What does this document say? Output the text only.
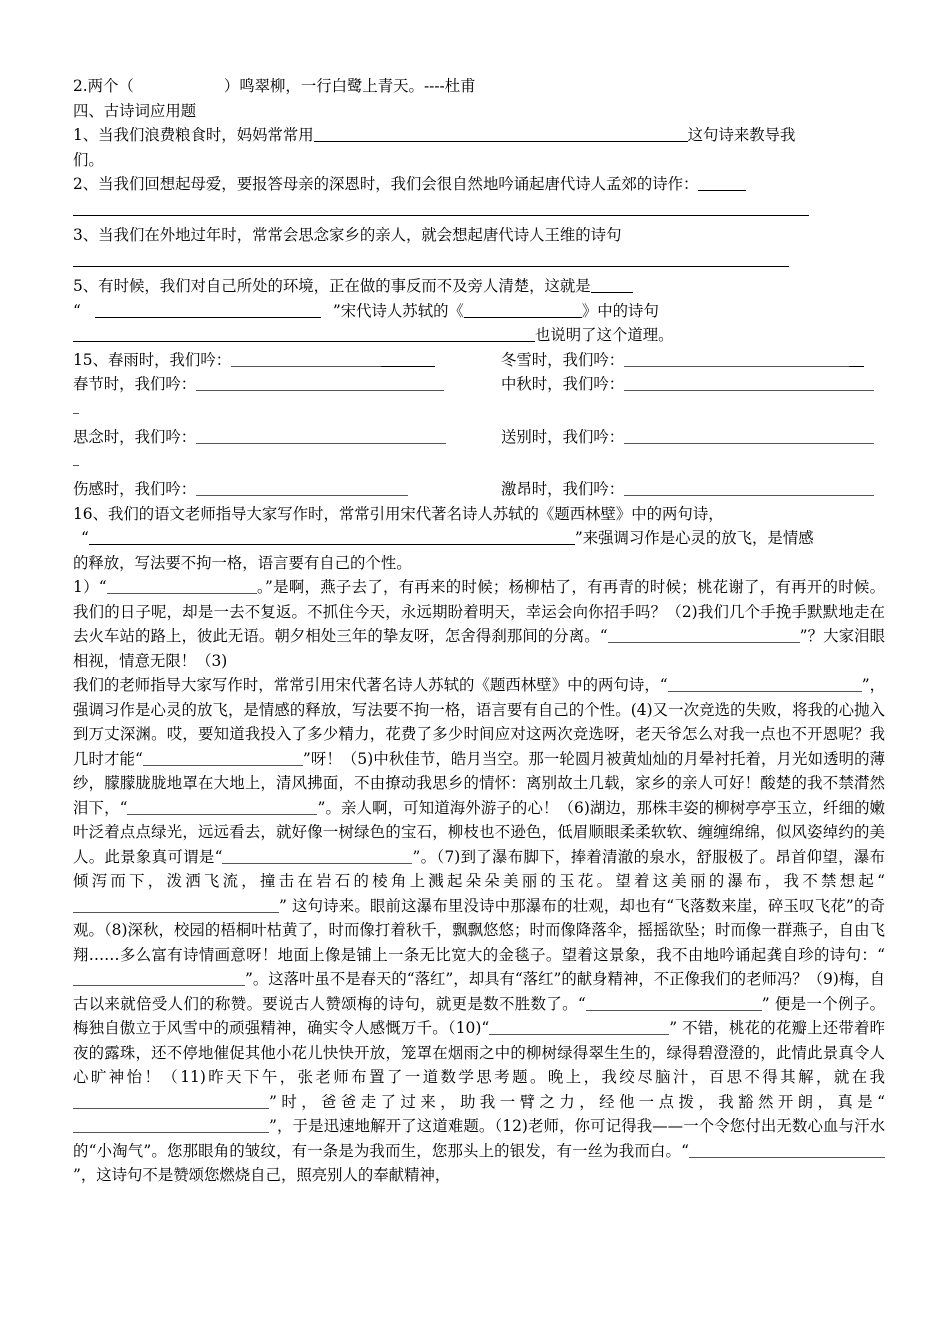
2.两个（	）鸣翠柳，一行白鹭上青天。----杜甫
四、古诗词应用题
1、当我们浪费粮食时，妈妈常常用	这句诗来教导我
们。
2、当我们回想起母爱，要报答母亲的深恩时，我们会很自然地吟诵起唐代诗人孟郊的诗作：
3、当我们在外地过年时，常常会思念家乡的亲人，就会想起唐代诗人王维的诗句
5、有时候，我们对自己所处的环境，正在做的事反而不及旁人清楚，这就是
“	”宋代诗人苏轼的《	》中的诗句
也说明了这个道理。
15、春雨时，我们吟：	冬雪时，我们吟：
春节时，我们吟：	中秋时，我们吟：
思念时，我们吟：	送别时，我们吟：
伤感时，我们吟：	激昂时，我们吟：
16、我们的语文老师指导大家写作时，常常引用宋代著名诗人苏轼的《题西林壁》中的两句诗，
“	”来强调习作是心灵的放飞，是情感
的释放，写法要不拘一格，语言要有自己的个性。
1）“	。”是啊，燕子去了，有再来的时候；杨柳枯了，有再青的时候；桃花谢了，有再开的时候。我们的日子呢，却是一去不复返。不抓住今天，永远期盼着明天，幸运会向你招手吗？（2)我们几个手挽手默默地走在去火车站的路上，彼此无语。朝夕相处三年的挚友呀，怎舍得刹那间的分离。“	”？大家泪眼相视，情意无限！（3)
我们的老师指导大家写作时，常常引用宋代著名诗人苏轼的《题西林壁》中的两句诗，“	”，强调习作是心灵的放飞，是情感的释放，写法要不拘一格，语言要有自己的个性。(4)又一次竞选的失败，将我的心抛入到万丈深渊。哎，要知道我投入了多少精力，花费了多少时间应对这两次竞选呀，老天爷怎么对我一点也不开恩呢？我几时才能“	”呀！（5)中秋佳节，皓月当空。那一轮圆月被黄灿灿的月晕衬托着，月光如透明的薄纱，朦朦胧胧地罩在大地上，清风拂面，不由撩动我思乡的情怀：离别故土几载，家乡的亲人可好！酸楚的我不禁潸然泪下，“	”。亲人啊，可知道海外游子的心！（6)湖边，那株丰姿的柳树亭亭玉立，纤细的嫩叶泛着点点绿光，远远看去，就好像一树绿色的宝石，柳枝也不逊色，低眉顺眼柔柔软软、缠缠绵绵，似风姿绰约的美人。此景象真可谓是“	”。（7)到了瀑布脚下，捧着清澈的泉水，舒服极了。昂首仰望，瀑布倾泻而下，泼洒飞流，撞击在岩石的棱角上溅起朵朵美丽的玉花。望着这美丽的瀑布，我不禁想起“” 这句诗来。眼前这瀑布里没诗中那瀑布的壮观，却也有“飞落数来崖，碎玉叹飞花”的奇观。（8)深秋，校园的梧桐叶枯黄了，时而像打着秋千，飘飘悠悠；时而像降落伞，摇摇欲坠；时而像一群燕子，自由飞翔……多么富有诗情画意呀！地面上像是铺上一条无比宽大的金毯子。望着这景象，我不由地吟诵起龚自珍的诗句：“”。这落叶虽不是春天的“落红”，却具有“落红”的献身精神，不正像我们的老师冯？（9)梅，自古以来就倍受人们的称赞。要说古人赞颂梅的诗句，就更是数不胜数了。“	” 便是一个例子。梅独自傲立于风雪中的顽强精神，确实令人感慨万千。（10)“	” 不错，桃花的花瓣上还带着昨夜的露珠，还不停地催促其他小花儿快快开放，笼罩在烟雨之中的柳树绿得翠生生的，绿得碧澄澄的，此情此景真令人心旷神怡！（11)昨天下午，张老师布置了一道数学思考题。晚上，我绞尽脑汁，百思不得其解，就在我”时，爸爸走了过来，助我一臂之力，经他一点拨，我豁然开朗，真是“”，于是迅速地解开了这道难题。（12)老师，你可记得我——一个令您付出无数心血与汗水的“小淘气”。您那眼角的皱纹，有一条是为我而生，您那头上的银发，有一丝为我而白。“”，这诗句不是赞颂您燃烧自己，照亮别人的奉献精神，
